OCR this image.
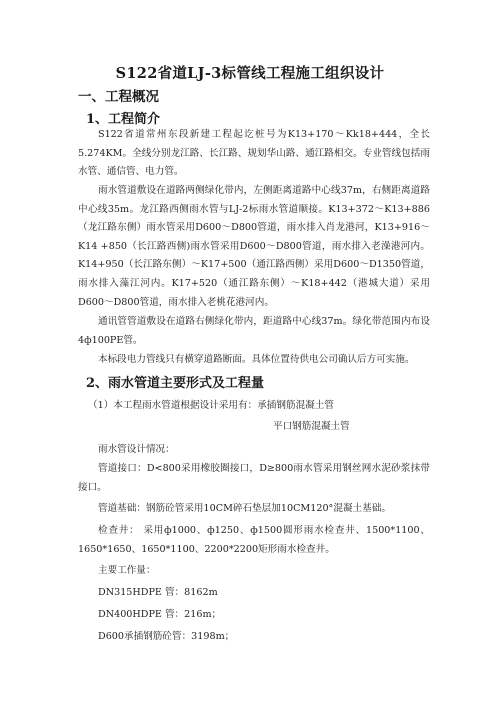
S122省道LJ-3标管线工程施工组织设计
一、工程概况
1、工程简介
S122省道常州东段新建工程起讫桩号为K13+170～Kk18+444，全长5.274KM。全线分别龙江路、长江路、规划华山路、通江路相交。专业管线包括雨水管、通信管、电力管。
雨水管道敷设在道路两侧绿化带内，左侧距离道路中心线37m，右侧距离道路中心线35m。龙江路西侧雨水管与LJ-2标雨水管道顺接。K13+372～K13+886（龙江路东侧）雨水管采用D600～D800管道，雨水排入肖龙港河，K13+916～K14 +850（长江路西侧)雨水管采用D600～D800管道，雨水排入老澡港河内。K14+950（长江路东侧）～K17+500（通江路西侧）采用D600～D1350管道，雨水排入藻江河内。K17+520（通江路东侧）～K18+442（港城大道）采用D600～D800管道，雨水排入老桃花港河内。
通讯管管道敷设在道路右侧绿化带内，距道路中心线37m。绿化带范围内布设4ф100PE管。
本标段电力管线只有横穿道路断面。具体位置待供电公司确认后方可实施。
2、雨水管道主要形式及工程量
（1）本工程雨水管道根据设计采用有：承插钢筋混凝土管
平口钢筋混凝土管
雨水管设计情况：
管道接口：D<800采用橡胶圈接口，D≥800雨水管采用钢丝网水泥砂浆抹带接口。
管道基础：钢筋砼管采用10CM碎石垫层加10CM120°混凝土基础。
检查井： 采用ф1000、ф1250、ф1500圆形雨水检查井、1500*1100、1650*1650、1650*1100、2200*2200矩形雨水检查井。
主要工作量：
DN315HDPE 管：8162m
DN400HDPE 管：216m；
D600承插钢筋砼管：3198m；
